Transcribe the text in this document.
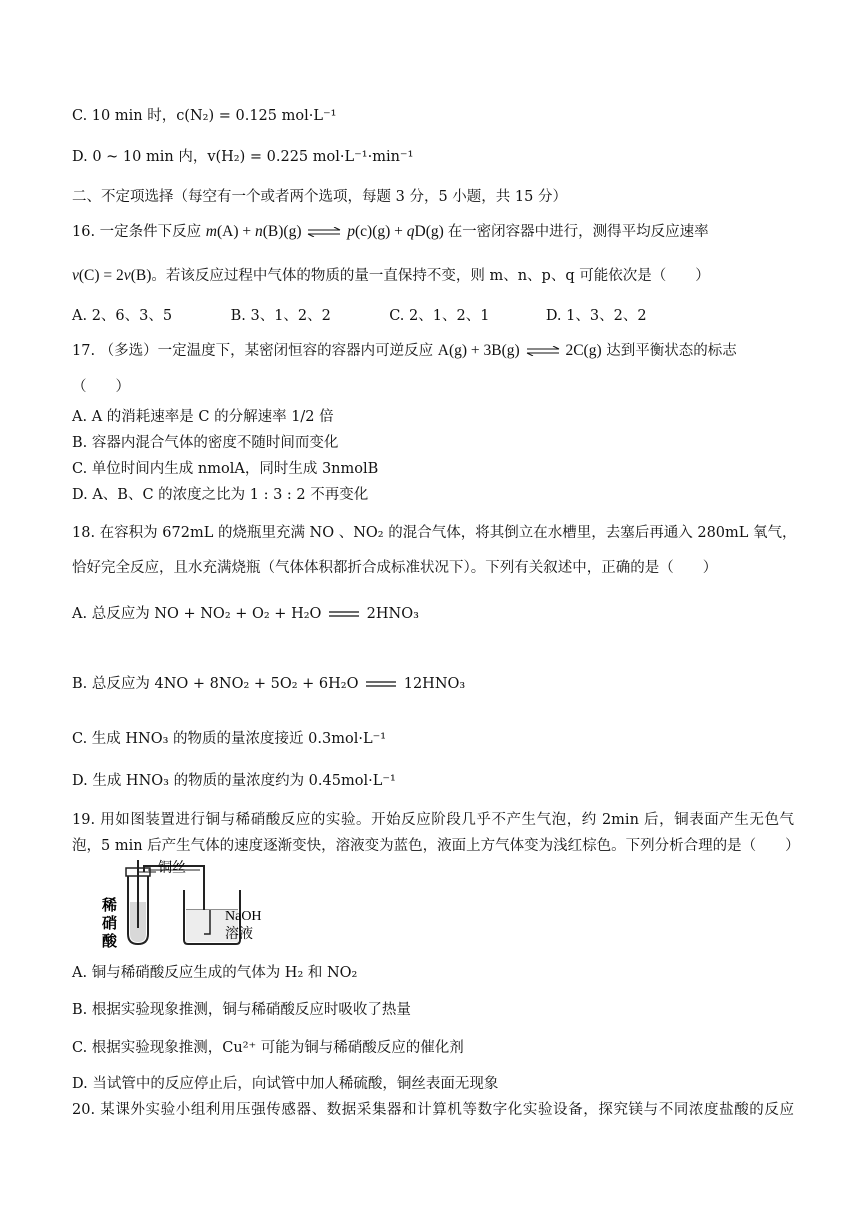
C. 10 min 时，c(N₂) = 0.125 mol·L⁻¹
D. 0 ~ 10 min 内，v(H₂) = 0.225 mol·L⁻¹·min⁻¹
二、不定项选择（每空有一个或者两个选项，每题 3 分，5 小题，共 15 分）
16. 一定条件下反应 m(A) + n(B)(g) ⇌ p(c)(g) + qD(g) 在一密闭容器中进行，测得平均反应速率
v(C) = 2v(B)。若该反应过程中气体的物质的量一直保持不变，则 m、n、p、q 可能依次是（　　）
A. 2、6、3、5	B. 3、1、2、2	C. 2、1、2、1	D. 1、3、2、2
17. （多选）一定温度下，某密闭恒容的容器内可逆反应 A(g) + 3B(g) ⇌ 2C(g) 达到平衡状态的标志
（　　）
A. A 的消耗速率是 C 的分解速率 1/2 倍
B. 容器内混合气体的密度不随时间而变化
C. 单位时间内生成 nmolA，同时生成 3nmolB
D. A、B、C 的浓度之比为 1 : 3 : 2 不再变化
18. 在容积为 672mL 的烧瓶里充满 NO 、NO₂ 的混合气体，将其倒立在水槽里，去塞后再通入 280mL 氧气，
恰好完全反应，且水充满烧瓶（气体体积都折合成标准状况下）。下列有关叙述中，正确的是（　　）
A. 总反应为 NO + NO₂ + O₂ + H₂O	2HNO₃
B. 总反应为 4NO + 8NO₂ + 5O₂ + 6H₂O	12HNO₃
C. 生成 HNO₃ 的物质的量浓度接近 0.3mol·L⁻¹
D. 生成 HNO₃ 的物质的量浓度约为 0.45mol·L⁻¹
19. 用如图装置进行铜与稀硝酸反应的实验。开始反应阶段几乎不产生气泡，约 2min 后，铜表面产生无色气
泡，5 min 后产生气体的速度逐渐变快，溶液变为蓝色，液面上方气体变为浅红棕色。下列分析合理的是（　　）
铜丝
稀
硝
酸
NaOH
溶液
A. 铜与稀硝酸反应生成的气体为 H₂ 和 NO₂
B. 根据实验现象推测，铜与稀硝酸反应时吸收了热量
C. 根据实验现象推测，Cu²⁺ 可能为铜与稀硝酸反应的催化剂
D. 当试管中的反应停止后，向试管中加人稀硫酸，铜丝表面无现象
20. 某课外实验小组利用压强传感器、数据采集器和计算机等数字化实验设备，探究镁与不同浓度盐酸的反应
